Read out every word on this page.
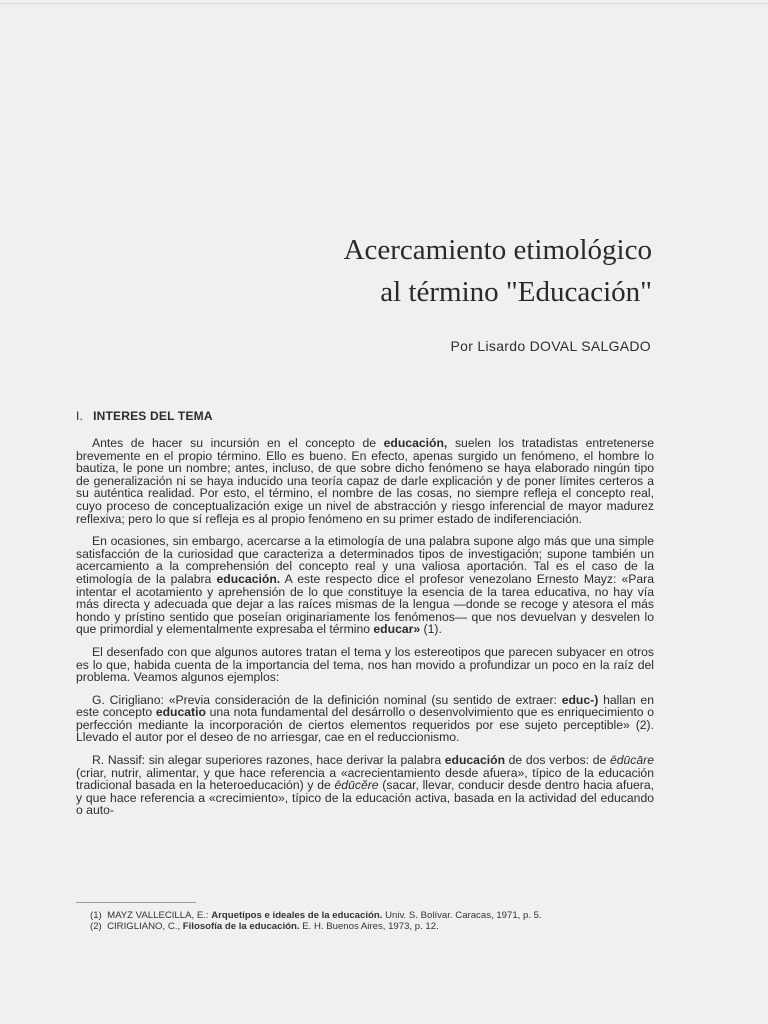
Acercamiento etimológico
al término "Educación"
Por Lisardo DOVAL SALGADO
I. INTERES DEL TEMA

Antes de hacer su incursión en el concepto de educación, suelen los tratadistas entretenerse brevemente en el propio término. Ello es bueno. En efecto, apenas surgido un fenómeno, el hombre lo bautiza, le pone un nombre; antes, incluso, de que sobre dicho fenómeno se haya elaborado ningún tipo de generalización ni se haya inducido una teoría capaz de darle explicación y de poner límites certeros a su auténtica realidad. Por esto, el término, el nombre de las cosas, no siempre refleja el concepto real, cuyo proceso de conceptualización exige un nivel de abstracción y riesgo inferencial de mayor madurez reflexiva; pero lo que sí refleja es al propio fenómeno en su primer estado de indiferenciación.

En ocasiones, sin embargo, acercarse a la etimología de una palabra supone algo más que una simple satisfacción de la curiosidad que caracteriza a determinados tipos de investigación; supone también un acercamiento a la comprehensión del concepto real y una valiosa aportación. Tal es el caso de la etimología de la palabra educación. A este respecto dice el profesor venezolano Ernesto Mayz: «Para intentar el acotamiento y aprehensión de lo que constituye la esencia de la tarea educativa, no hay vía más directa y adecuada que dejar a las raíces mismas de la lengua —donde se recoge y atesora el más hondo y prístino sentido que poseían originariamente los fenómenos— que nos devuelvan y desvelen lo que primordial y elementalmente expresaba el término educar» (1).

El desenfado con que algunos autores tratan el tema y los estereotipos que parecen subyacer en otros es lo que, habida cuenta de la importancia del tema, nos han movido a profundizar un poco en la raíz del problema. Veamos algunos ejemplos:

G. Cirigliano: «Previa consideración de la definición nominal (su sentido de extraer: educ-) hallan en este concepto educatio una nota fundamental del desárrollo o desenvolvimiento que es enriquecimiento o perfección mediante la incorporación de ciertos elementos requeridos por ese sujeto perceptible» (2). Llevado el autor por el deseo de no arriesgar, cae en el reduccionismo.

R. Nassif: sin alegar superiores razones, hace derivar la palabra educación de dos verbos: de ēdūcāre (criar, nutrir, alimentar, y que hace referencia a «acrecientamiento desde afuera», típico de la educación tradicional basada en la heteroeducación) y de ēdūcĕre (sacar, llevar, conducir desde dentro hacia afuera, y que hace referencia a «crecimiento», típico de la educación activa, basada en la actividad del educando o auto-

(1) MAYZ VALLECILLA, E.: Arquetipos e ideales de la educación. Univ. S. Bolívar. Caracas, 1971, p. 5.
(2) CIRIGLIANO, C., Filosofía de la educación. E. H. Buenos Aires, 1973, p. 12.
